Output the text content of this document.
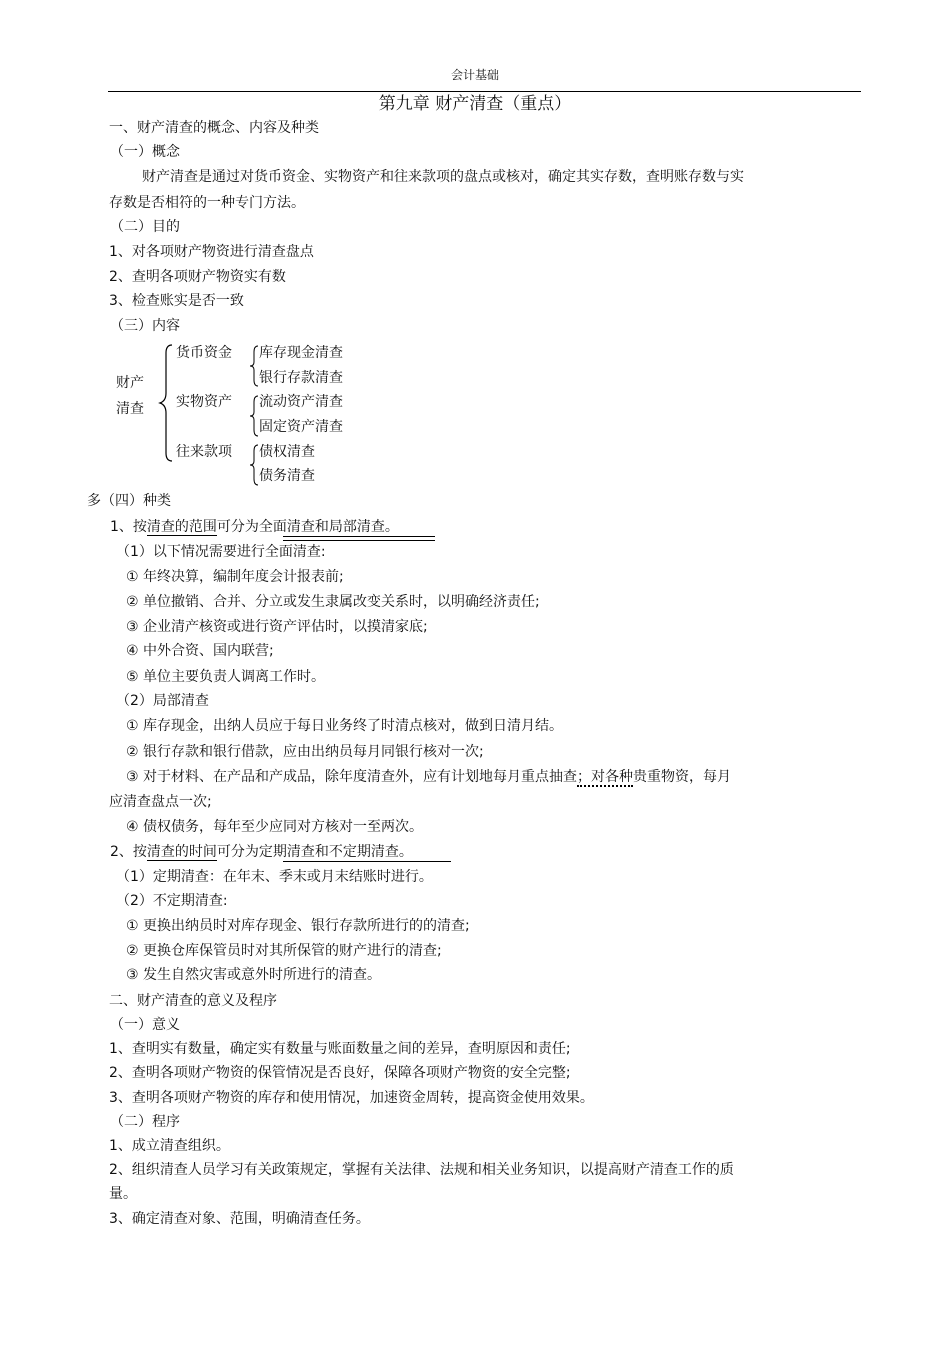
会计基础
第九章 财产清查（重点）
一、财产清查的概念、内容及种类
（一）概念
财产清查是通过对货币资金、实物资产和往来款项的盘点或核对，确定其实存数，查明账存数与实
存数是否相符的一种专门方法。
（二）目的
1、对各项财产物资进行清查盘点
2、查明各项财产物资实有数
3、检查账实是否一致
（三）内容
财产
清查
货币资金
实物资产
往来款项
库存现金清查
银行存款清查
流动资产清查
固定资产清查
债权清查
债务清查
多（四）种类
1、按清查的范围可分为全面清查和局部清查。
（1）以下情况需要进行全面清查:
① 年终决算，编制年度会计报表前;
② 单位撤销、合并、分立或发生隶属改变关系时，以明确经济责任;
③ 企业清产核资或进行资产评估时，以摸清家底;
④ 中外合资、国内联营;
⑤ 单位主要负责人调离工作时。
（2）局部清查
① 库存现金，出纳人员应于每日业务终了时清点核对，做到日清月结。
② 银行存款和银行借款，应由出纳员每月同银行核对一次;
③ 对于材料、在产品和产成品，除年度清查外，应有计划地每月重点抽查；对各种贵重物资，每月
应清查盘点一次;
④ 债权债务，每年至少应同对方核对一至两次。
2、按清查的时间可分为定期清查和不定期清查。
（1）定期清查：在年末、季末或月末结账时进行。
（2）不定期清查:
① 更换出纳员时对库存现金、银行存款所进行的的清查;
② 更换仓库保管员时对其所保管的财产进行的清查;
③ 发生自然灾害或意外时所进行的清查。
二、财产清查的意义及程序
（一）意义
1、查明实有数量，确定实有数量与账面数量之间的差异，查明原因和责任;
2、查明各项财产物资的保管情况是否良好，保障各项财产物资的安全完整;
3、查明各项财产物资的库存和使用情况，加速资金周转，提高资金使用效果。
（二）程序
1、成立清查组织。
2、组织清查人员学习有关政策规定，掌握有关法律、法规和相关业务知识，以提高财产清查工作的质
量。
3、确定清查对象、范围，明确清查任务。
